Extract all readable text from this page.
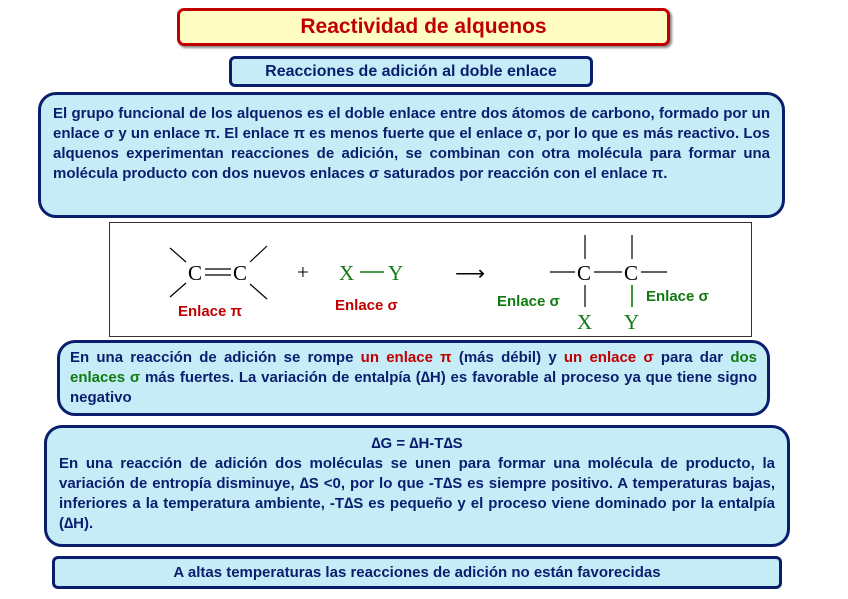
Reactividad de alquenos
Reacciones de adición al doble enlace
El grupo funcional de los alquenos es el doble enlace entre dos átomos de carbono, formado por un enlace σ y un enlace π. El enlace π es menos fuerte que el enlace σ, por lo que es más reactivo. Los alquenos experimentan reacciones de adición, se combinan con otra molécula para formar una molécula producto con dos nuevos enlaces σ saturados por reacción con el enlace π.
C C
Enlace π
+ X Y
Enlace σ
⟶	C C
X Y
Enlace σ	Enlace σ
En una reacción de adición se rompe un enlace π (más débil) y un enlace σ para dar dos enlaces σ más fuertes. La variación de entalpía (∆H) es favorable al proceso ya que tiene signo negativo
∆G = ∆H-T∆S
En una reacción de adición dos moléculas se unen para formar una molécula de producto, la variación de entropía disminuye, ∆S <0, por lo que -T∆S es siempre positivo. A temperaturas bajas, inferiores a la temperatura ambiente, -T∆S es pequeño y el proceso viene dominado por la entalpía (∆H).
A altas temperaturas las reacciones de adición no están favorecidas
